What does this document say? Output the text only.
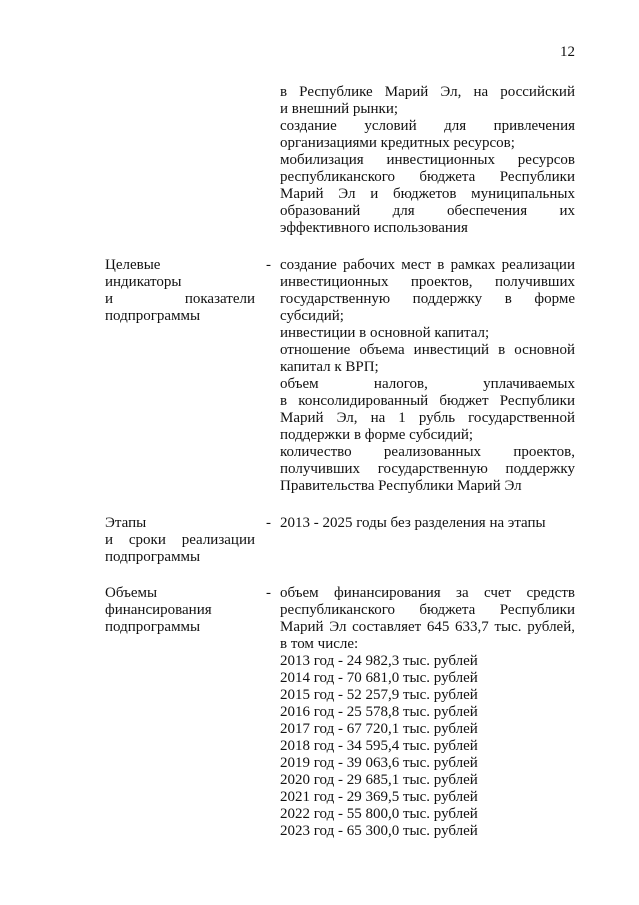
12
в Республике Марий Эл, на российский
и внешний рынки;
создание условий для привлечения
организациями кредитных ресурсов;
мобилизация инвестиционных ресурсов
республиканского бюджета Республики
Марий Эл и бюджетов муниципальных
образований для обеспечения их
эффективного использования
Целевые
индикаторы
и показатели
подпрограммы
- создание рабочих мест в рамках реализации
инвестиционных проектов, получивших
государственную поддержку в форме
субсидий;
инвестиции в основной капитал;
отношение объема инвестиций в основной
капитал к ВРП;
объем налогов, уплачиваемых
в консолидированный бюджет Республики
Марий Эл, на 1 рубль государственной
поддержки в форме субсидий;
количество реализованных проектов,
получивших государственную поддержку
Правительства Республики Марий Эл
Этапы
и сроки реализации
подпрограммы
- 2013 - 2025 годы без разделения на этапы
Объемы
финансирования
подпрограммы
- объем финансирования за счет средств
республиканского бюджета Республики
Марий Эл составляет 645 633,7 тыс. рублей,
в том числе:
2013 год - 24 982,3 тыс. рублей
2014 год - 70 681,0 тыс. рублей
2015 год - 52 257,9 тыс. рублей
2016 год - 25 578,8 тыс. рублей
2017 год - 67 720,1 тыс. рублей
2018 год - 34 595,4 тыс. рублей
2019 год - 39 063,6 тыс. рублей
2020 год - 29 685,1 тыс. рублей
2021 год - 29 369,5 тыс. рублей
2022 год - 55 800,0 тыс. рублей
2023 год - 65 300,0 тыс. рублей
